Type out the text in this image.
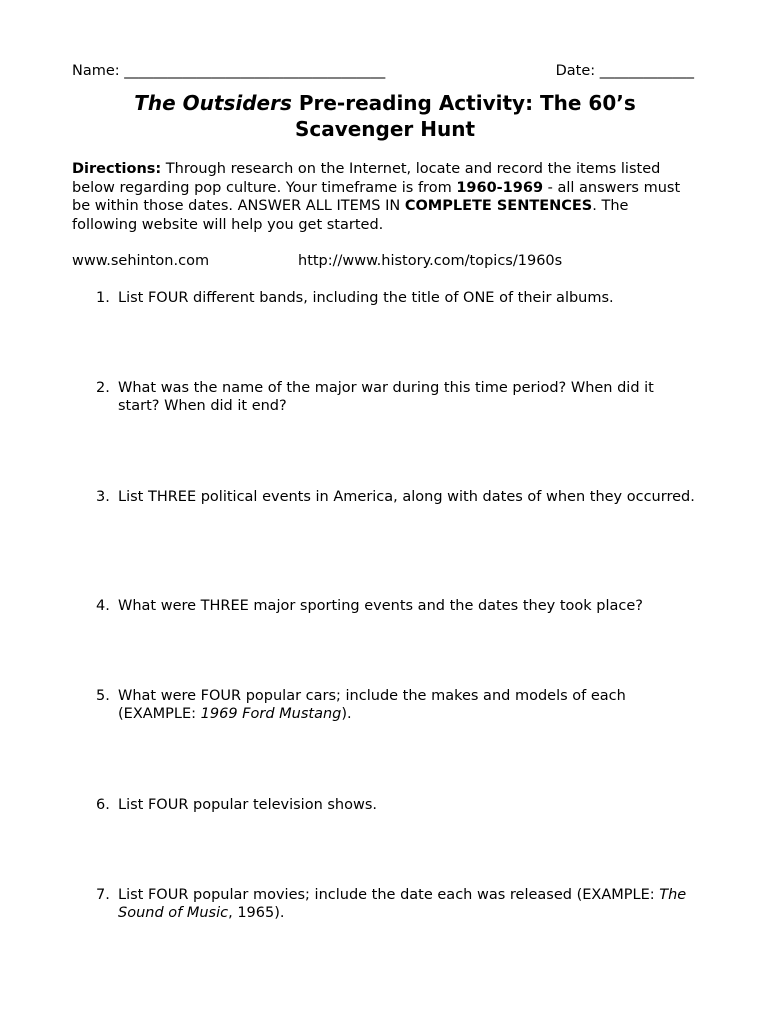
Name: ____________________________________	Date: _____________
The Outsiders Pre-reading Activity: The 60’s
Scavenger Hunt
Directions: Through research on the Internet, locate and record the items listed below regarding pop culture. Your timeframe is from 1960-1969 - all answers must be within those dates. ANSWER ALL ITEMS IN COMPLETE SENTENCES. The following website will help you get started.
www.sehinton.com	http://www.history.com/topics/1960s
1. List FOUR different bands, including the title of ONE of their albums.
2. What was the name of the major war during this time period? When did it start? When did it end?
3. List THREE political events in America, along with dates of when they occurred.
4. What were THREE major sporting events and the dates they took place?
5. What were FOUR popular cars; include the makes and models of each (EXAMPLE: 1969 Ford Mustang).
6. List FOUR popular television shows.
7. List FOUR popular movies; include the date each was released (EXAMPLE: The Sound of Music, 1965).
